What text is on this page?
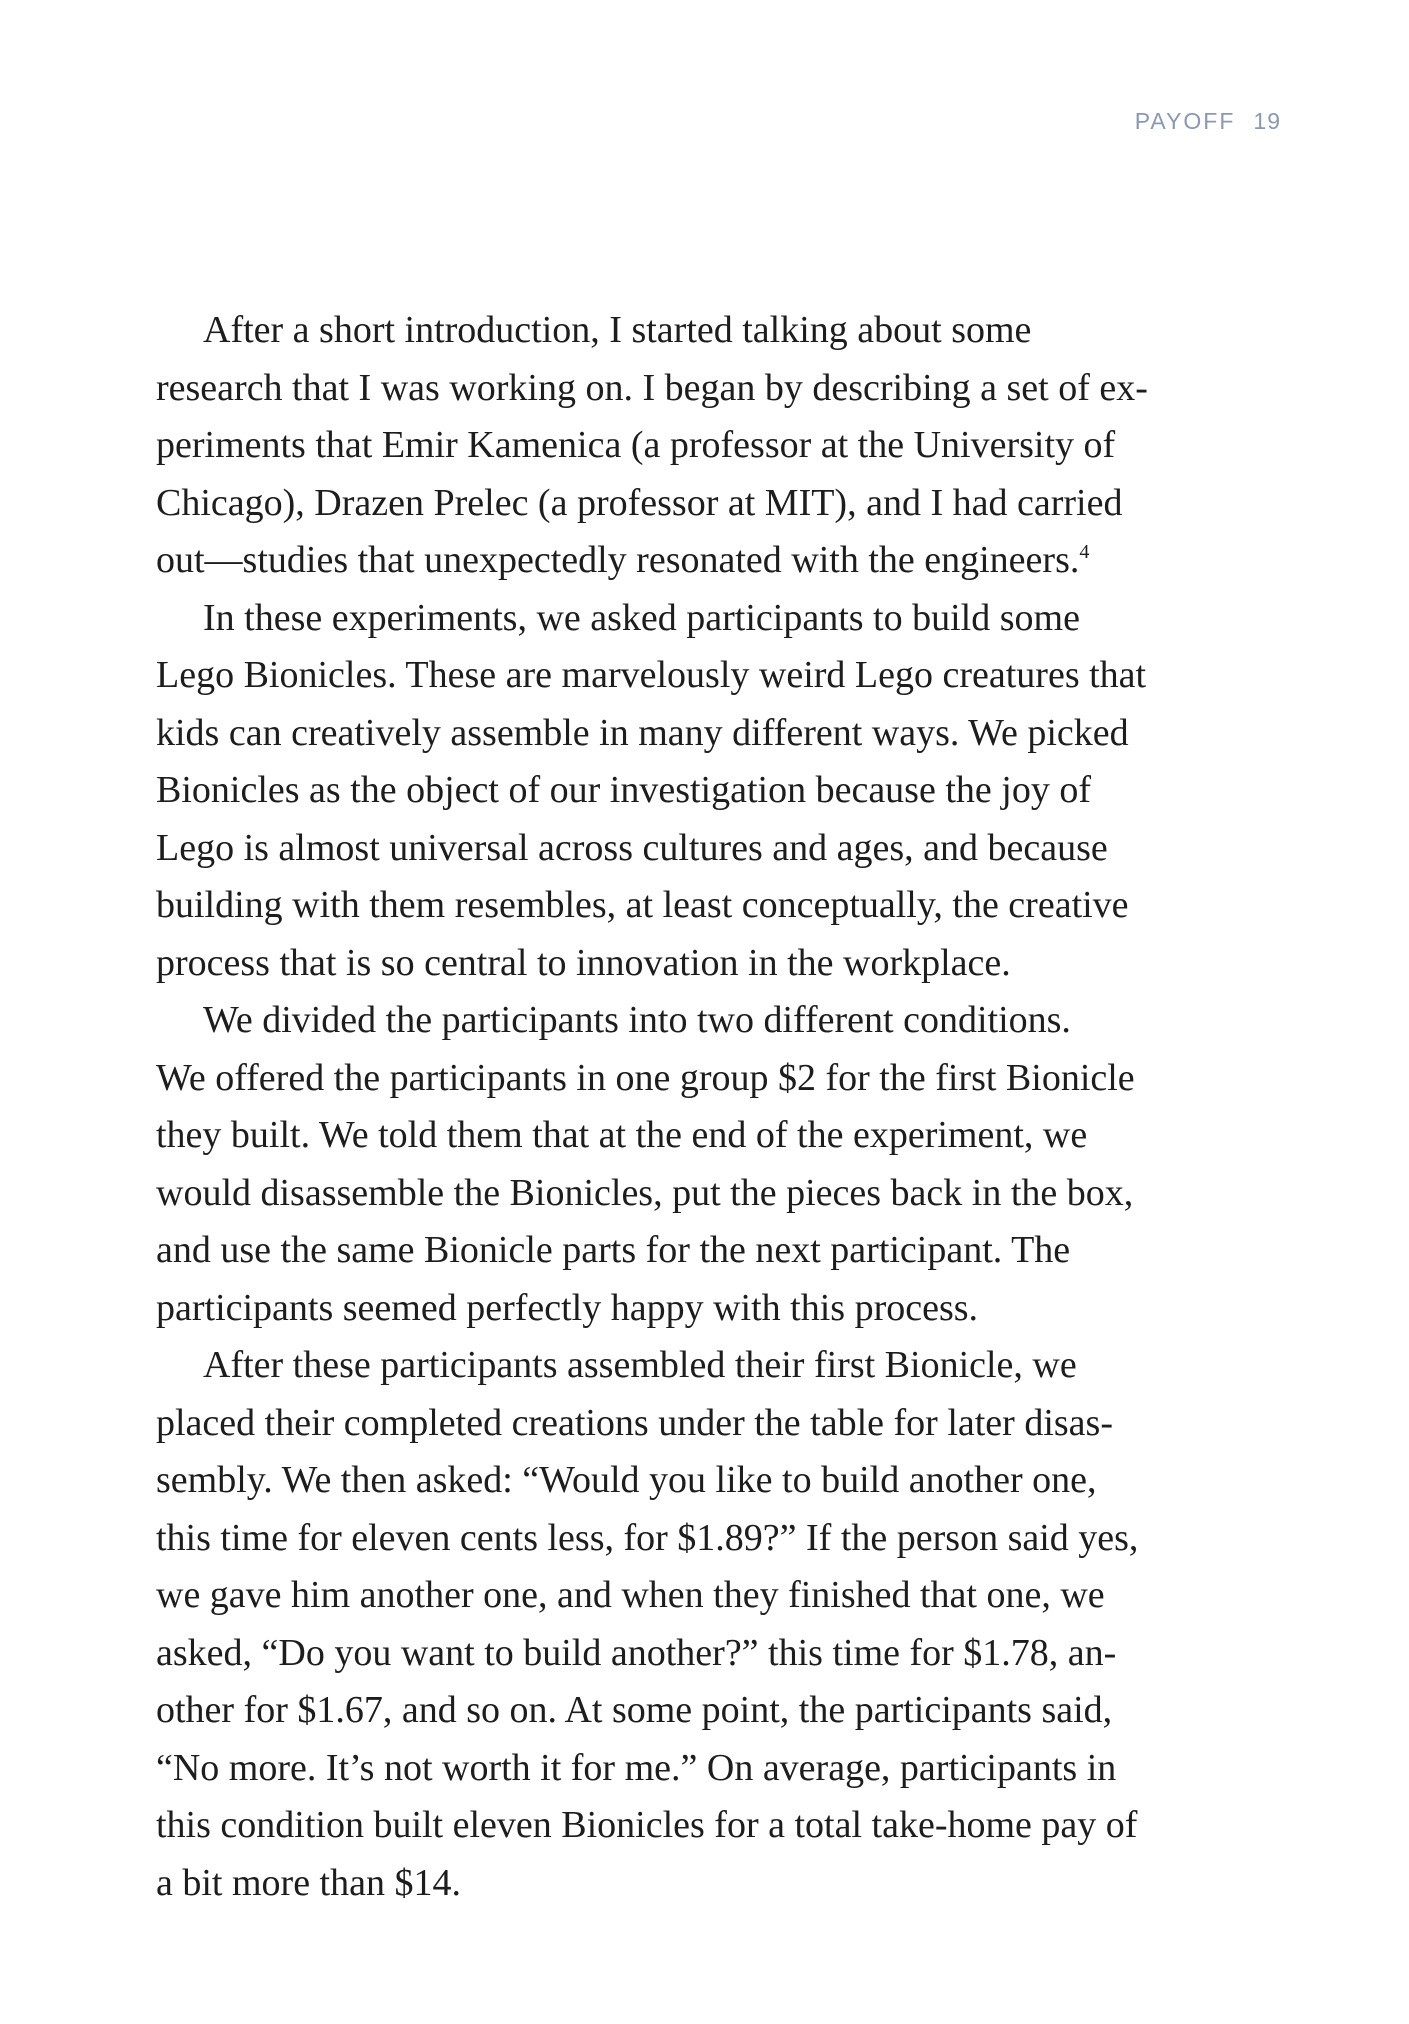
PAYOFF 19

After a short introduction, I started talking about some
research that I was working on. I began by describing a set of ex-
periments that Emir Kamenica (a professor at the University of
Chicago), Drazen Prelec (a professor at MIT), and I had carried
out—studies that unexpectedly resonated with the engineers.$^4$

In these experiments, we asked participants to build some
Lego Bionicles. These are marvelously weird Lego creatures that
kids can creatively assemble in many different ways. We picked
Bionicles as the object of our investigation because the joy of
Lego is almost universal across cultures and ages, and because
building with them resembles, at least conceptually, the creative
process that is so central to innovation in the workplace.

We divided the participants into two different conditions.
We offered the participants in one group $2 for the first Bionicle
they built. We told them that at the end of the experiment, we
would disassemble the Bionicles, put the pieces back in the box,
and use the same Bionicle parts for the next participant. The
participants seemed perfectly happy with this process.

After these participants assembled their first Bionicle, we
placed their completed creations under the table for later disas-
sembly. We then asked: “Would you like to build another one,
this time for eleven cents less, for $1.89?” If the person said yes,
we gave him another one, and when they finished that one, we
asked, “Do you want to build another?” this time for $1.78, an-
other for $1.67, and so on. At some point, the participants said,
“No more. It’s not worth it for me.” On average, participants in
this condition built eleven Bionicles for a total take-home pay of
a bit more than $14.
